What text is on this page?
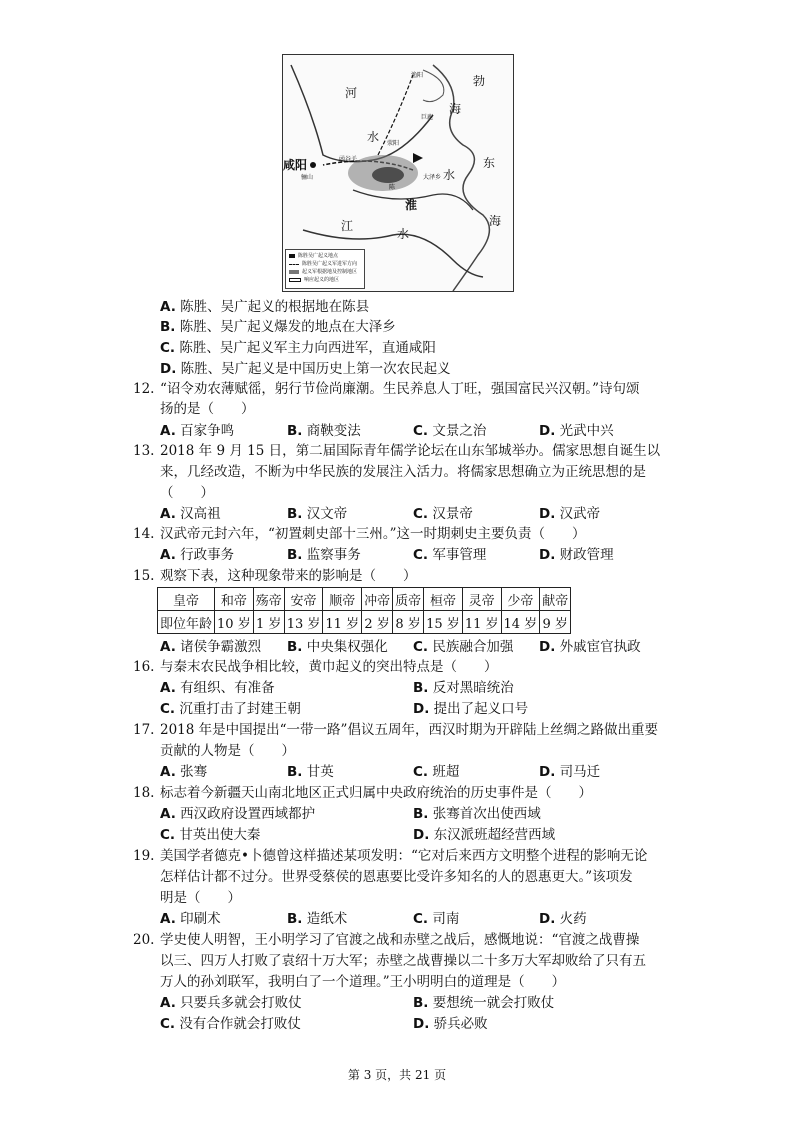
渔阳	勃
海
河
巨鹿
水
咸阳	函谷关
荥阳
骊山
陈
大泽乡 水
东
淮
江
水
海
陈胜吴广起义地点
陈胜吴广起义军进军方向
起义军根据地及控制地区
响应起义的地区
A. 陈胜、吴广起义的根据地在陈县
B. 陈胜、吴广起义爆发的地点在大泽乡
C. 陈胜、吴广起义军主力向西进军，直通咸阳
D. 陈胜、吴广起义是中国历史上第一次农民起义
12. “诏令劝农薄赋徭，躬行节俭尚廉潮。生民养息人丁旺，强国富民兴汉朝。”诗句颂
扬的是（　　）
A. 百家争鸣	B. 商鞅变法	C. 文景之治	D. 光武中兴
13. 2018 年 9 月 15 日，第二届国际青年儒学论坛在山东邹城举办。儒家思想自诞生以
来，几经改造，不断为中华民族的发展注入活力。将儒家思想确立为正统思想的是
（　　）
A. 汉高祖	B. 汉文帝	C. 汉景帝	D. 汉武帝
14. 汉武帝元封六年，“初置刺史部十三州。”这一时期刺史主要负责（　　）
A. 行政事务	B. 监察事务	C. 军事管理	D. 财政管理
15. 观察下表，这种现象带来的影响是（　　）
皇帝	和帝	殇帝	安帝	顺帝	冲帝	质帝	桓帝	灵帝	少帝	献帝
即位年龄	10 岁	1 岁	13 岁	11 岁	2 岁	8 岁	15 岁	11 岁	14 岁	9 岁
A. 诸侯争霸激烈 B. 中央集权强化 C. 民族融合加强 D. 外戚宦官执政
16. 与秦末农民战争相比较，黄巾起义的突出特点是（　　）
A. 有组织、有准备	B. 反对黑暗统治
C. 沉重打击了封建王朝	D. 提出了起义口号
17. 2018 年是中国提出“一带一路”倡议五周年，西汉时期为开辟陆上丝绸之路做出重要
贡献的人物是（　　）
A. 张骞	B. 甘英	C. 班超	D. 司马迁
18. 标志着今新疆天山南北地区正式归属中央政府统治的历史事件是（　　）
A. 西汉政府设置西域都护	B. 张骞首次出使西域
C. 甘英出使大秦	D. 东汉派班超经营西域
19. 美国学者德克•卜德曾这样描述某项发明：“它对后来西方文明整个进程的影响无论
怎样估计都不过分。世界受蔡侯的恩惠要比受许多知名的人的恩惠更大。”该项发
明是（　　）
A. 印刷术	B. 造纸术	C. 司南	D. 火药
20. 学史使人明智，王小明学习了官渡之战和赤壁之战后，感慨地说：“官渡之战曹操
以三、四万人打败了袁绍十万大军；赤壁之战曹操以二十多万大军却败给了只有五
万人的孙刘联军，我明白了一个道理。”王小明明白的道理是（　　）
A. 只要兵多就会打败仗	B. 要想统一就会打败仗
C. 没有合作就会打败仗	D. 骄兵必败
第 3 页，共 21 页
